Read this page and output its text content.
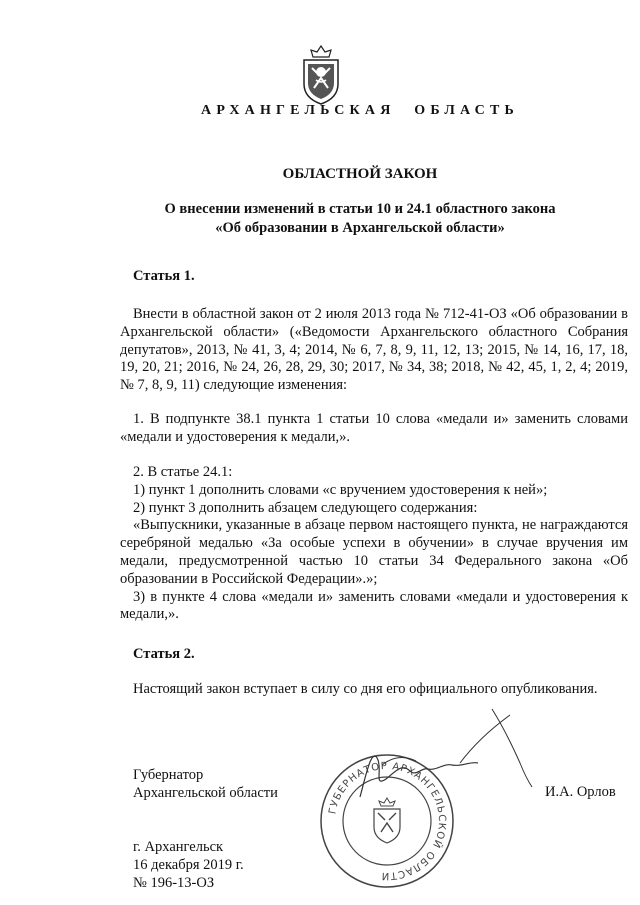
АРХАНГЕЛЬСКАЯ ОБЛАСТЬ
ОБЛАСТНОЙ ЗАКОН
О внесении изменений в статьи 10 и 24.1 областного закона
«Об образовании в Архангельской области»
Статья 1.

Внести в областной закон от 2 июля 2013 года № 712-41-ОЗ «Об образовании в Архангельской области» («Ведомости Архангельского областного Собрания депутатов», 2013, № 41, 3, 4; 2014, № 6, 7, 8, 9, 11, 12, 13; 2015, № 14, 16, 17, 18, 19, 20, 21; 2016, № 24, 26, 28, 29, 30; 2017, № 34, 38; 2018, № 42, 45, 1, 2, 4; 2019, № 7, 8, 9, 11) следующие изменения:

1. В подпункте 38.1 пункта 1 статьи 10 слова «медали и» заменить словами «медали и удостоверения к медали,».

2. В статье 24.1:

1) пункт 1 дополнить словами «с вручением удостоверения к ней»;

2) пункт 3 дополнить абзацем следующего содержания:

«Выпускники, указанные в абзаце первом настоящего пункта, не награждаются серебряной медалью «За особые успехи в обучении» в случае вручения им медали, предусмотренной частью 10 статьи 34 Федерального закона «Об образовании в Российской Федерации».»;

3) в пункте 4 слова «медали и» заменить словами «медали и удостоверения к медали,».

Статья 2.

Настоящий закон вступает в силу со дня его официального опубликования.

Губернатор
Архангельской области	И.А. Орлов
ГУБЕРНАТОР АРХАНГЕЛЬСКОЙ ОБЛАСТИ
г. Архангельск
16 декабря 2019 г.
№ 196-13-ОЗ
